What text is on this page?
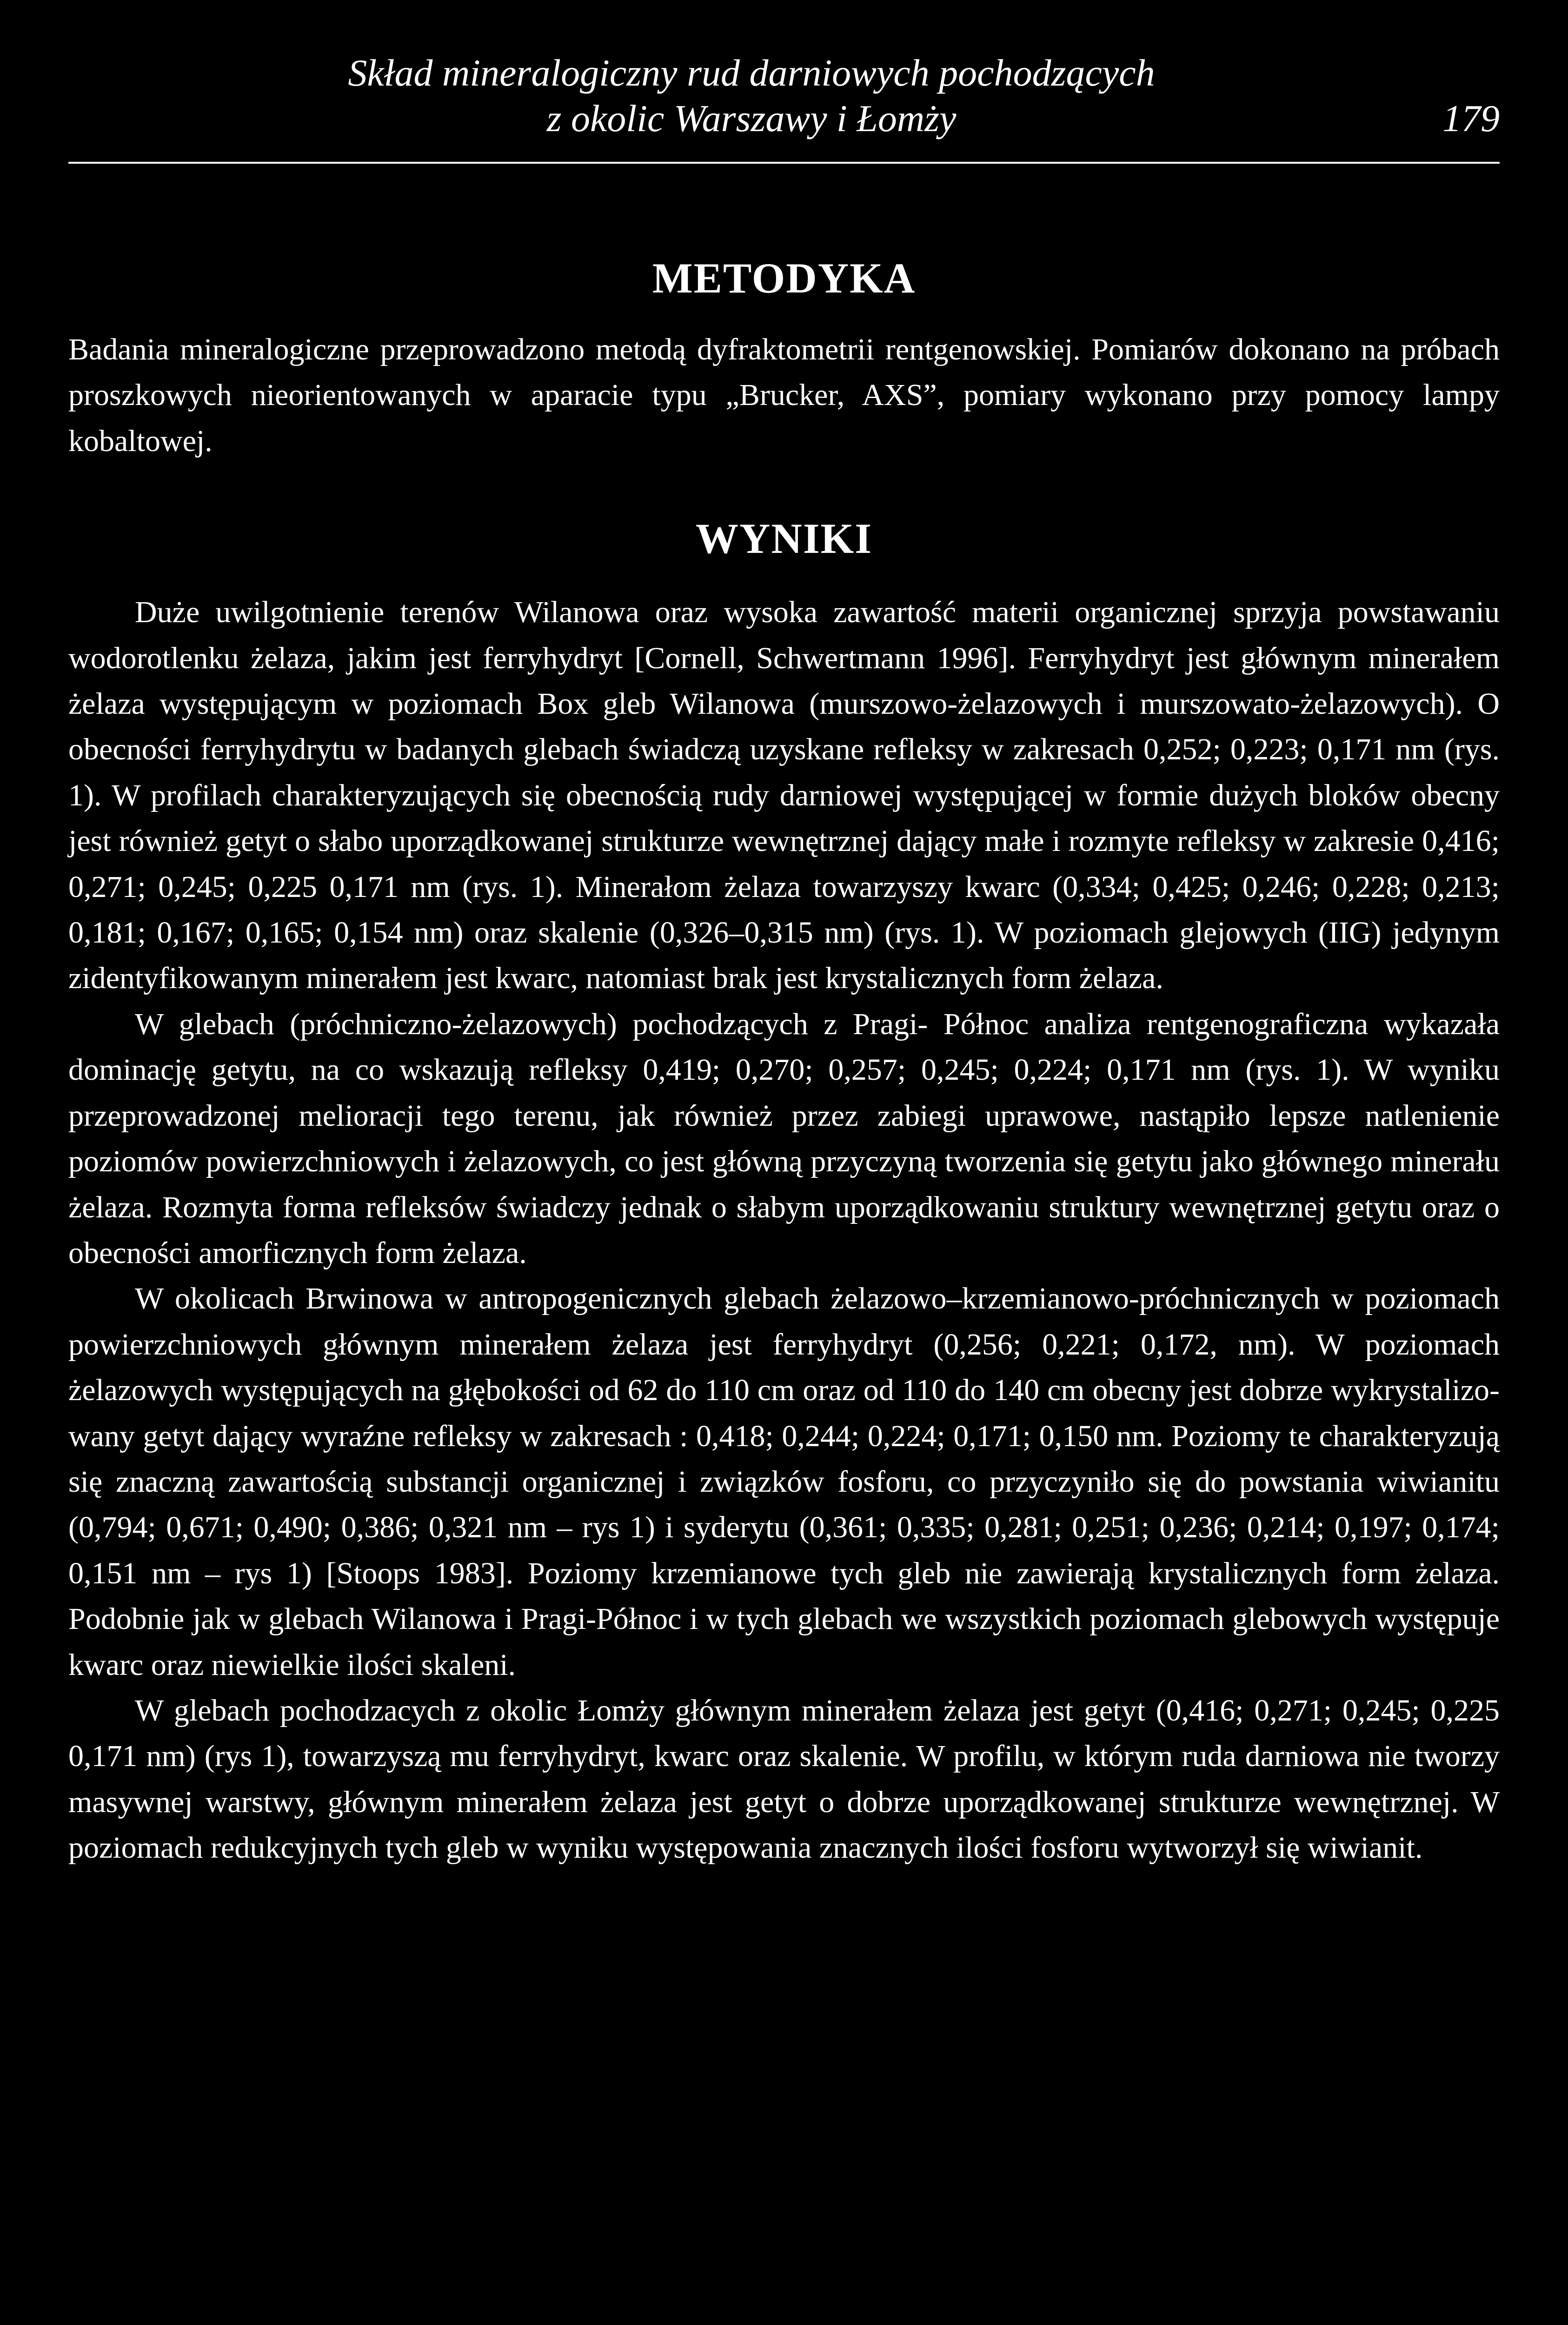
Skład mineralogiczny rud darniowych pochodzących
z okolic Warszawy i Łomży	179
METODYKA

Badania mineralogiczne przeprowadzono metodą dyfraktometrii rentgenowskiej. Pomiarów dokonano na próbach proszkowych nieorientowanych w aparacie typu „Brucker, AXS”, pomiary wykonano przy pomocy lampy kobaltowej.

WYNIKI

Duże uwilgotnienie terenów Wilanowa oraz wysoka zawartość materii organicznej sprzyja powstawaniu wodorotlenku żelaza, jakim jest ferryhydryt [Cornell, Schwertmann 1996]. Ferryhydryt jest głównym minerałem żelaza występującym w poziomach Box gleb Wilanowa (murszowo-żelazowych i murszowato-żelazowych). O obecności ferryhydrytu w badanych glebach świadczą uzyskane refleksy w zakresach 0,252; 0,223; 0,171 nm (rys. 1). W profilach charakteryzujących się obecnością rudy darniowej występującej w formie dużych bloków obecny jest również getyt o słabo uporządkowanej strukturze wewnętrznej dający małe i rozmyte refleksy w zakresie 0,416; 0,271; 0,245; 0,225 0,171 nm (rys. 1). Minerałom żelaza towarzyszy kwarc (0,334; 0,425; 0,246; 0,228; 0,213; 0,181; 0,167; 0,165; 0,154 nm) oraz skalenie (0,326–0,315 nm) (rys. 1). W poziomach glejowych (IIG) jedynym zidentyfikowanym minerałem jest kwarc, natomiast brak jest krystalicznych form żelaza.

W glebach (próchniczno-żelazowych) pochodzących z Pragi- Północ analiza rentgenograficzna wykazała dominację getytu, na co wskazują refleksy 0,419; 0,270; 0,257; 0,245; 0,224; 0,171 nm (rys. 1). W wyniku przeprowadzonej melioracji tego terenu, jak również przez zabiegi uprawowe, nastąpiło lepsze natlenienie poziomów powierzchniowych i żelazowych, co jest główną przyczyną tworzenia się getytu jako głównego minerału żelaza. Rozmyta forma refleksów świadczy jednak o słabym uporządkowaniu struktury wewnętrznej getytu oraz o obecności amorficznych form żelaza.

W okolicach Brwinowa w antropogenicznych glebach żelazowo–krzemianowo-próchnicznych w poziomach powierzchniowych głównym minerałem żelaza jest ferryhydryt (0,256; 0,221; 0,172, nm). W poziomach żelazowych występujących na głębokości od 62 do 110 cm oraz od 110 do 140 cm obecny jest dobrze wykrystalizowany getyt dający wyraźne refleksy w zakresach : 0,418; 0,244; 0,224; 0,171; 0,150 nm. Poziomy te charakteryzują się znaczną zawartością substancji organicznej i związków fosforu, co przyczyniło się do powstania wiwianitu (0,794; 0,671; 0,490; 0,386; 0,321 nm – rys 1) i syderytu (0,361; 0,335; 0,281; 0,251; 0,236; 0,214; 0,197; 0,174; 0,151 nm – rys 1) [Stoops 1983]. Poziomy krzemianowe tych gleb nie zawierają krystalicznych form żelaza. Podobnie jak w glebach Wilanowa i Pragi-Północ i w tych glebach we wszystkich poziomach glebowych występuje kwarc oraz niewielkie ilości skaleni.

W glebach pochodzacych z okolic Łomży głównym minerałem żelaza jest getyt (0,416; 0,271; 0,245; 0,225 0,171 nm) (rys 1), towarzyszą mu ferryhydryt, kwarc oraz skalenie. W profilu, w którym ruda darniowa nie tworzy masywnej warstwy, głównym minerałem żelaza jest getyt o dobrze uporządkowanej strukturze wewnętrznej. W poziomach redukcyjnych tych gleb w wyniku występowania znacznych ilości fosforu wytworzył się wiwianit.
